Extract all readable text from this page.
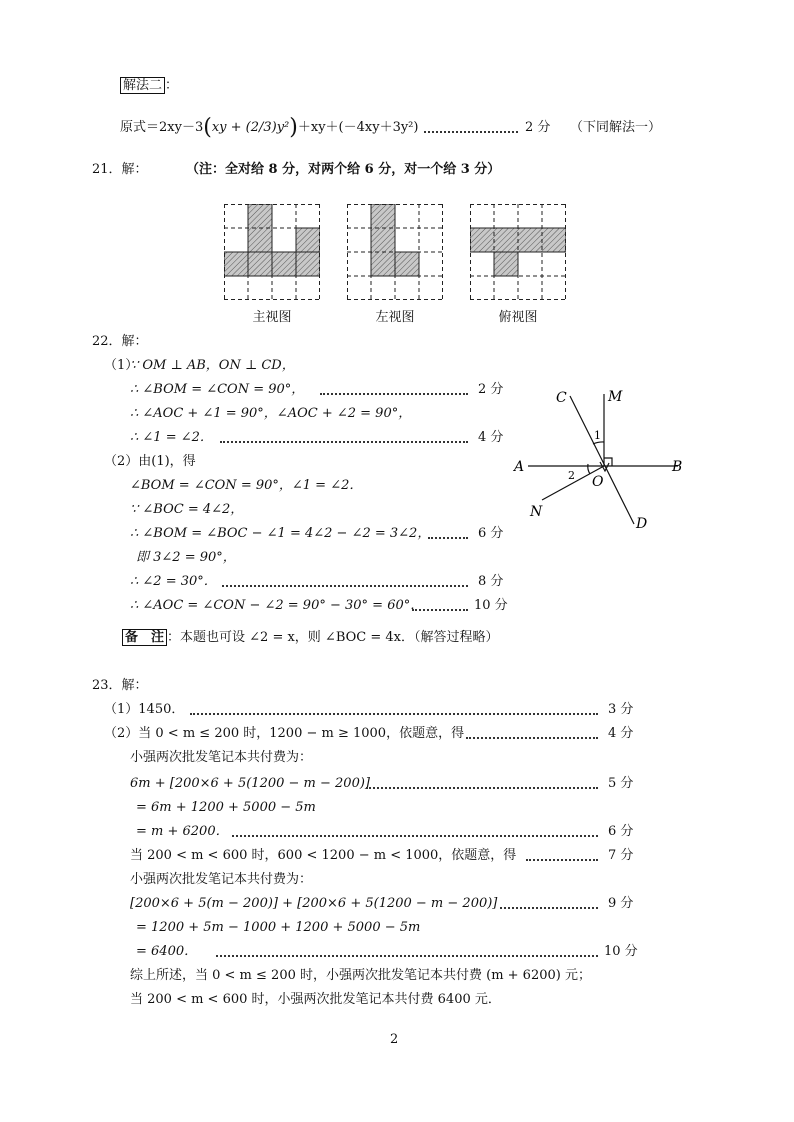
解法二 ：
原式＝2xy－3(xy + (2/3)y²)＋xy＋(－4xy＋3y²)	2 分 （下同解法一）
21．解：	（注：全对给 8 分，对两个给 6 分，对一个给 3 分）
主视图	左视图	俯视图
22．解：
（1）
∵ OM ⊥ AB，ON ⊥ CD，
∴ ∠BOM = ∠CON = 90°，	2 分
∴ ∠AOC + ∠1 = 90°，∠AOC + ∠2 = 90°，
∴ ∠1 = ∠2．	4 分
（2）由(1)，得
∠BOM = ∠CON = 90°，∠1 = ∠2．
∵ ∠BOC = 4∠2，
∴ ∠BOM = ∠BOC − ∠1 = 4∠2 − ∠2 = 3∠2，	6 分
即 3∠2 = 90°，
∴ ∠2 = 30°．	8 分
∴ ∠AOC = ∠CON − ∠2 = 90° − 30° = 60°．	10 分
备　注 ：本题也可设 ∠2 = x，则 ∠BOC = 4x．（解答过程略）
C	M
A	B
O
N
D
1
2
23．解：
（1）1450．	3 分
（2）当 0 < m ≤ 200 时，1200 − m ≥ 1000，依题意，得	4 分
小强两次批发笔记本共付费为：
6m + [200×6 + 5(1200 − m − 200)]	5 分
= 6m + 1200 + 5000 − 5m
= m + 6200．	6 分
当 200 < m < 600 时，600 < 1200 − m < 1000，依题意，得	7 分
小强两次批发笔记本共付费为：
[200×6 + 5(m − 200)] + [200×6 + 5(1200 − m − 200)]	9 分
= 1200 + 5m − 1000 + 1200 + 5000 − 5m
= 6400．	10 分
综上所述，当 0 < m ≤ 200 时，小强两次批发笔记本共付费 (m + 6200) 元；
当 200 < m < 600 时，小强两次批发笔记本共付费 6400 元．
2
